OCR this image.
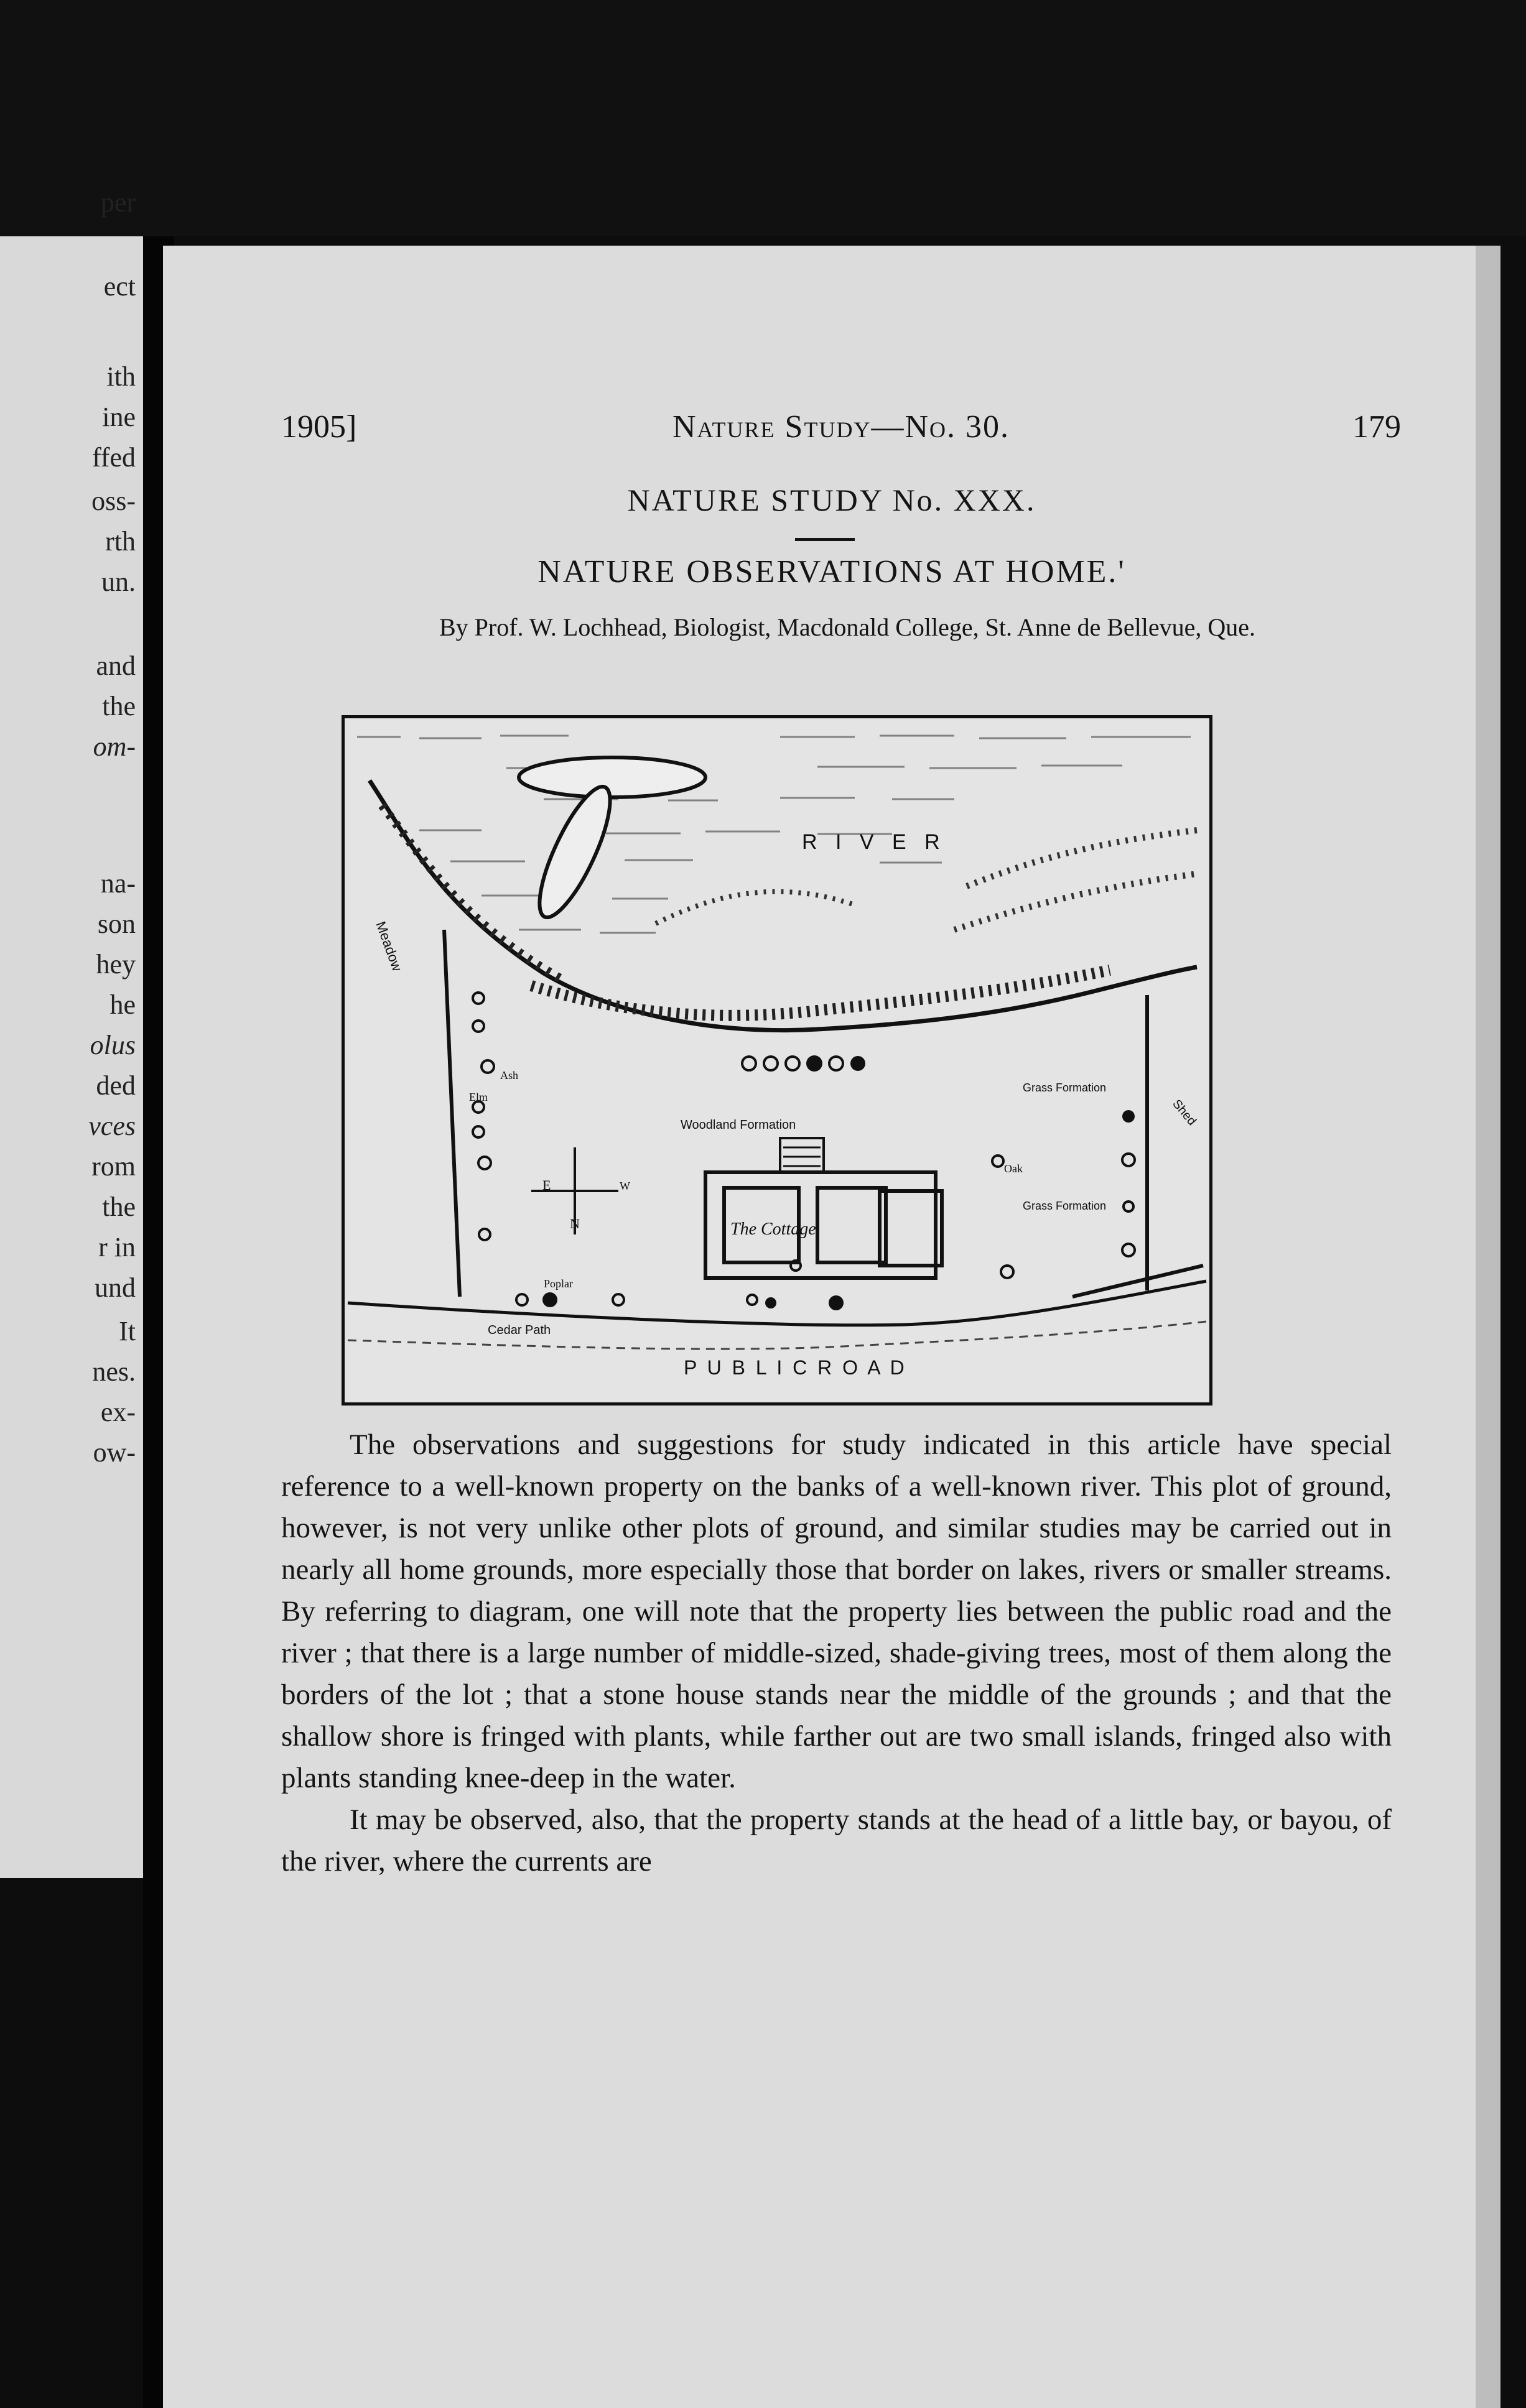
per
ect
ith
ine
ffed
oss-
rth
un.
and
the
om-
na-
son
hey
he
olus
ded
vces
rom
the
r in
und
It
nes.
ex-
ow-
1905]	Nature Study—No. 30.	179
NATURE STUDY No. XXX.
NATURE OBSERVATIONS AT HOME.'
By Prof. W. Lochhead, Biologist, Macdonald College, St. Anne de Bellevue, Que.
R I V E R
Meadow
Woodland Formation
The Cottage
Grass Formation
Grass Formation
Shed
E	W
N
Elm
Ash
Poplar
Oak
Cedar Path
P U B L I C R O A D

The observations and suggestions for study indicated in this article have special reference to a well-known property on the banks of a well-known river. This plot of ground, however, is not very unlike other plots of ground, and similar studies may be carried out in nearly all home grounds, more especially those that border on lakes, rivers or smaller streams. By referring to diagram, one will note that the property lies between the public road and the river ; that there is a large number of middle-sized, shade-giving trees, most of them along the borders of the lot ; that a stone house stands near the middle of the grounds ; and that the shallow shore is fringed with plants, while farther out are two small islands, fringed also with plants standing knee-deep in the water.

It may be observed, also, that the property stands at the head of a little bay, or bayou, of the river, where the currents are
